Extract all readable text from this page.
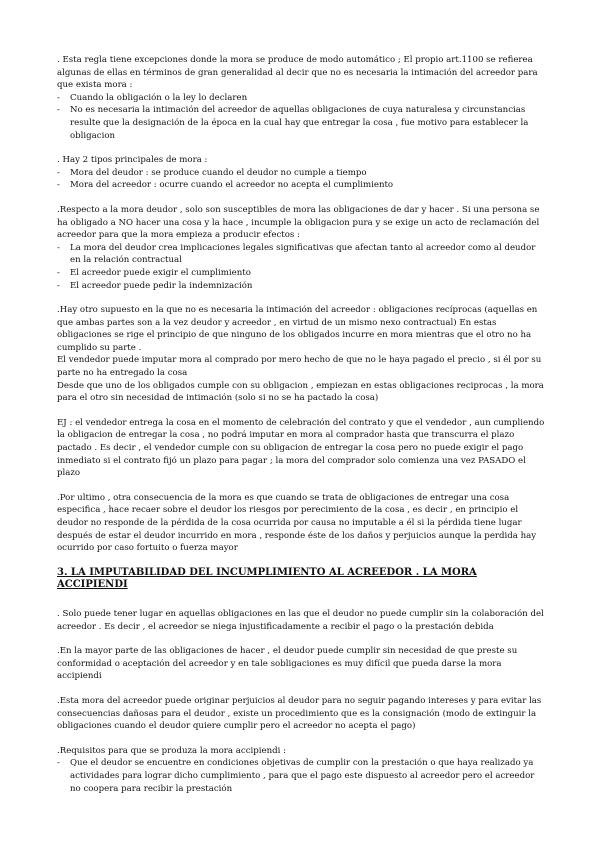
. Esta regla tiene excepciones donde la mora se produce de modo automático ; El propio art.1100 se refierea algunas de ellas en términos de gran generalidad al decir que no es necesaria la intimación del acreedor para que exista mora :
- Cuando la obligación o la ley lo declaren
- No es necesaria la intimación del acreedor de aquellas obligaciones de cuya naturalesa y circunstancias resulte que la designación de la época en la cual hay que entregar la cosa , fue motivo para establecer la obligacion
. Hay 2 tipos principales de mora :
- Mora del deudor : se produce cuando el deudor no cumple a tiempo
- Mora del acreedor : ocurre cuando el acreedor no acepta el cumplimiento
.Respecto a la mora deudor , solo son susceptibles de mora las obligaciones de dar y hacer . Si una persona se ha obligado a NO hacer una cosa y la hace , incumple la obligacion pura y se exige un acto de reclamación del acreedor para que la mora empieza a producir efectos :
- La mora del deudor crea implicaciones legales significativas que afectan tanto al acreedor como al deudor en la relación contractual
- El acreedor puede exigir el cumplimiento
- El acreedor puede pedir la indemnización
.Hay otro supuesto en la que no es necesaria la intimación del acreedor : obligaciones recíprocas (aquellas en que ambas partes son a la vez deudor y acreedor , en virtud de un mismo nexo contractual) En estas obligaciones se rige el principio de que ninguno de los obligados incurre en mora mientras que el otro no ha cumplido su parte .
El vendedor puede imputar mora al comprado por mero hecho de que no le haya pagado el precio , si él por su parte no ha entregado la cosa
Desde que uno de los obligados cumple con su obligacion , empiezan en estas obligaciones reciprocas , la mora para el otro sin necesidad de intimación (solo si no se ha pactado la cosa)
EJ : el vendedor entrega la cosa en el momento de celebración del contrato y que el vendedor , aun cumpliendo la obligacion de entregar la cosa , no podrá imputar en mora al comprador hasta que transcurra el plazo pactado . Es decir , el vendedor cumple con su obligacion de entregar la cosa pero no puede exigir el pago inmediato si el contrato fijó un plazo para pagar ; la mora del comprador solo comienza una vez PASADO el plazo
.Por ultimo , otra consecuencia de la mora es que cuando se trata de obligaciones de entregar una cosa especifica , hace recaer sobre el deudor los riesgos por perecimiento de la cosa , es decir , en principio el deudor no responde de la pérdida de la cosa ocurrida por causa no imputable a él si la pérdida tiene lugar después de estar el deudor incurrido en mora , responde éste de los daños y perjuicios aunque la perdida hay ocurrido por caso fortuito o fuerza mayor
3. LA IMPUTABILIDAD DEL INCUMPLIMIENTO AL ACREEDOR . LA MORA ACCIPIENDI
. Solo puede tener lugar en aquellas obligaciones en las que el deudor no puede cumplir sin la colaboración del acreedor . Es decir , el acreedor se niega injustificadamente a recibir el pago o la prestación debida
.En la mayor parte de las obligaciones de hacer , el deudor puede cumplir sin necesidad de que preste su conformidad o aceptación del acreedor y en tale sobligaciones es muy difícil que pueda darse la mora accipiendi
.Esta mora del acreedor puede originar perjuicios al deudor para no seguir pagando intereses y para evitar las consecuencias dañosas para el deudor , existe un procedimiento que es la consignación (modo de extinguir la obligaciones cuando el deudor quiere cumplir pero el acreedor no acepta el pago)
.Requisitos para que se produza la mora accipiendi :
- Que el deudor se encuentre en condiciones objetivas de cumplir con la prestación o que haya realizado ya actividades para lograr dicho cumplimiento , para que el pago este dispuesto al acreedor pero el acreedor no coopera para recibir la prestación
